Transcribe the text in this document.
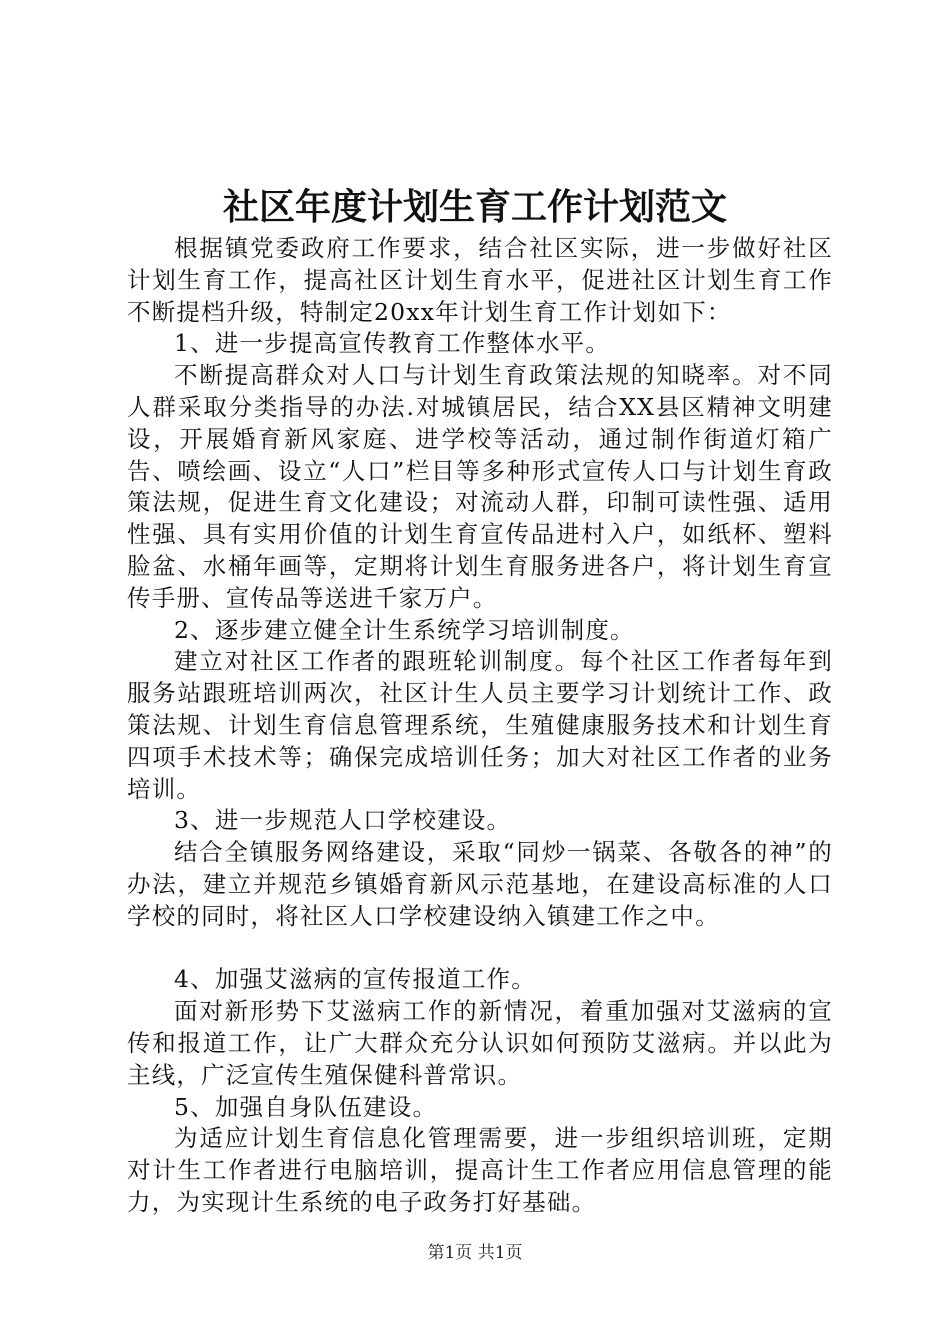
社区年度计划生育工作计划范文

根据镇党委政府工作要求，结合社区实际，进一步做好社区计划生育工作，提高社区计划生育水平，促进社区计划生育工作不断提档升级，特制定20xx年计划生育工作计划如下：

1、进一步提高宣传教育工作整体水平。

不断提高群众对人口与计划生育政策法规的知晓率。对不同人群采取分类指导的办法.对城镇居民，结合XX县区精神文明建设，开展婚育新风家庭、进学校等活动，通过制作街道灯箱广告、喷绘画、设立“人口”栏目等多种形式宣传人口与计划生育政策法规，促进生育文化建设；对流动人群，印制可读性强、适用性强、具有实用价值的计划生育宣传品进村入户，如纸杯、塑料脸盆、水桶年画等，定期将计划生育服务进各户，将计划生育宣传手册、宣传品等送进千家万户。

2、逐步建立健全计生系统学习培训制度。

建立对社区工作者的跟班轮训制度。每个社区工作者每年到服务站跟班培训两次，社区计生人员主要学习计划统计工作、政策法规、计划生育信息管理系统，生殖健康服务技术和计划生育四项手术技术等；确保完成培训任务；加大对社区工作者的业务培训。

3、进一步规范人口学校建设。

结合全镇服务网络建设，采取“同炒一锅菜、各敬各的神”的办法，建立并规范乡镇婚育新风示范基地，在建设高标准的人口学校的同时，将社区人口学校建设纳入镇建工作之中。

4、加强艾滋病的宣传报道工作。

面对新形势下艾滋病工作的新情况，着重加强对艾滋病的宣传和报道工作，让广大群众充分认识如何预防艾滋病。并以此为主线，广泛宣传生殖保健科普常识。

5、加强自身队伍建设。

为适应计划生育信息化管理需要，进一步组织培训班，定期对计生工作者进行电脑培训，提高计生工作者应用信息管理的能力，为实现计生系统的电子政务打好基础。

第1页 共1页
